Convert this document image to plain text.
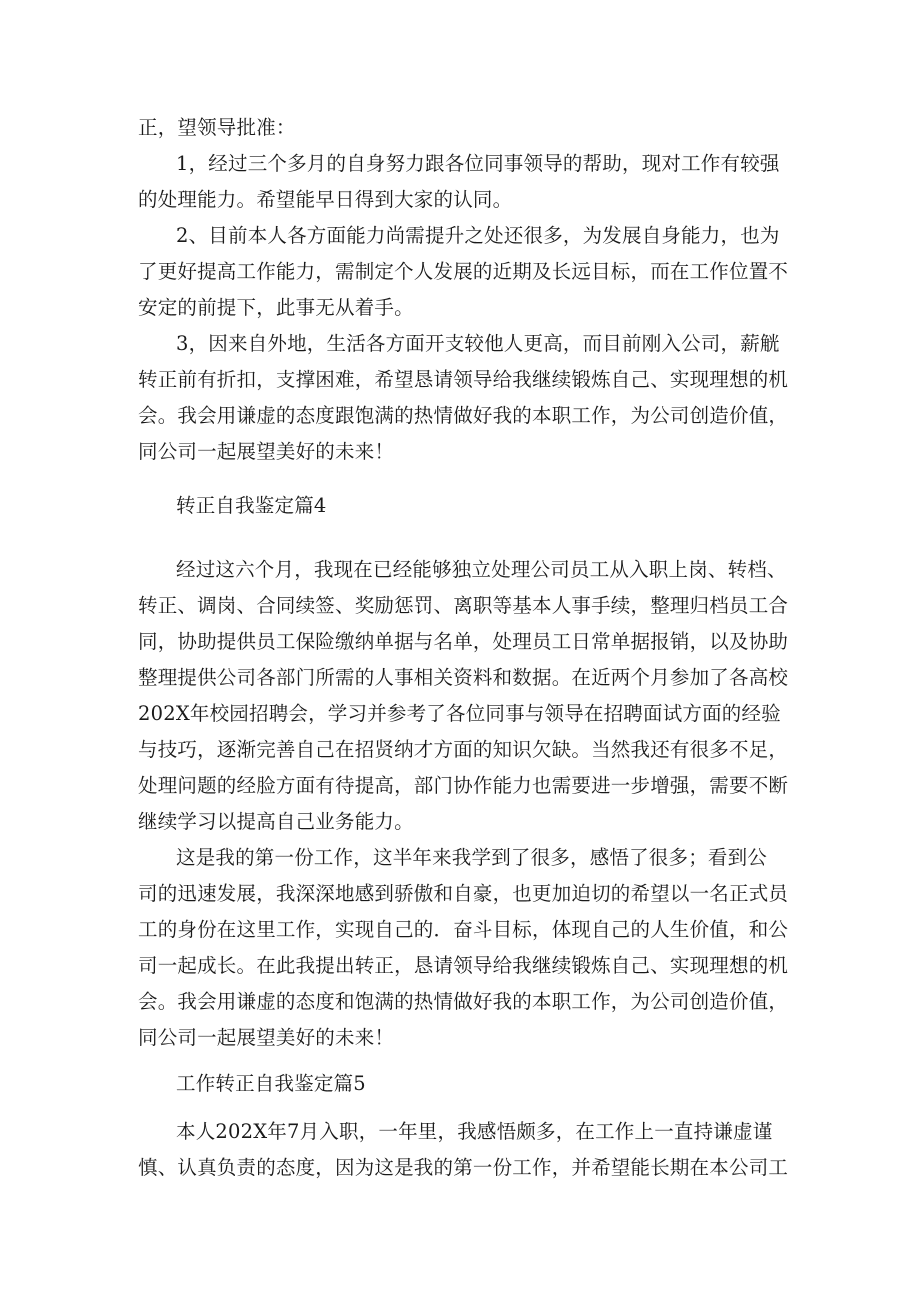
正，望领导批准：
1，经过三个多月的自身努力跟各位同事领导的帮助，现对工作有较强
的处理能力。希望能早日得到大家的认同。
2、目前本人各方面能力尚需提升之处还很多，为发展自身能力，也为
了更好提高工作能力，需制定个人发展的近期及长远目标，而在工作位置不
安定的前提下，此事无从着手。
3，因来自外地，生活各方面开支较他人更高，而目前刚入公司，薪觥
转正前有折扣，支撑困难，希望恳请领导给我继续锻炼自己、实现理想的机
会。我会用谦虚的态度跟饱满的热情做好我的本职工作，为公司创造价值，
同公司一起展望美好的未来！
转正自我鉴定篇4
经过这六个月，我现在已经能够独立处理公司员工从入职上岗、转档、
转正、调岗、合同续签、奖励惩罚、离职等基本人事手续，整理归档员工合
同，协助提供员工保险缴纳单据与名单，处理员工日常单据报销，以及协助
整理提供公司各部门所需的人事相关资料和数据。在近两个月参加了各高校
202X年校园招聘会，学习并参考了各位同事与领导在招聘面试方面的经验
与技巧，逐渐完善自己在招贤纳才方面的知识欠缺。当然我还有很多不足，
处理问题的经脸方面有待提高，部门协作能力也需要进一步增强，需要不断
继续学习以提高自己业务能力。
这是我的第一份工作，这半年来我学到了很多，感悟了很多；看到公
司的迅速发展，我深深地感到骄傲和自豪，也更加迫切的希望以一名正式员
工的身份在这里工作，实现自己的．奋斗目标，体现自己的人生价值，和公
司一起成长。在此我提出转正，恳请领导给我继续锻炼自己、实现理想的机
会。我会用谦虚的态度和饱满的热情做好我的本职工作，为公司创造价值，
同公司一起展望美好的未来！
工作转正自我鉴定篇5
本人202X年7月入职，一年里，我感悟颇多，在工作上一直持谦虚谨
慎、认真负责的态度，因为这是我的第一份工作，并希望能长期在本公司工
